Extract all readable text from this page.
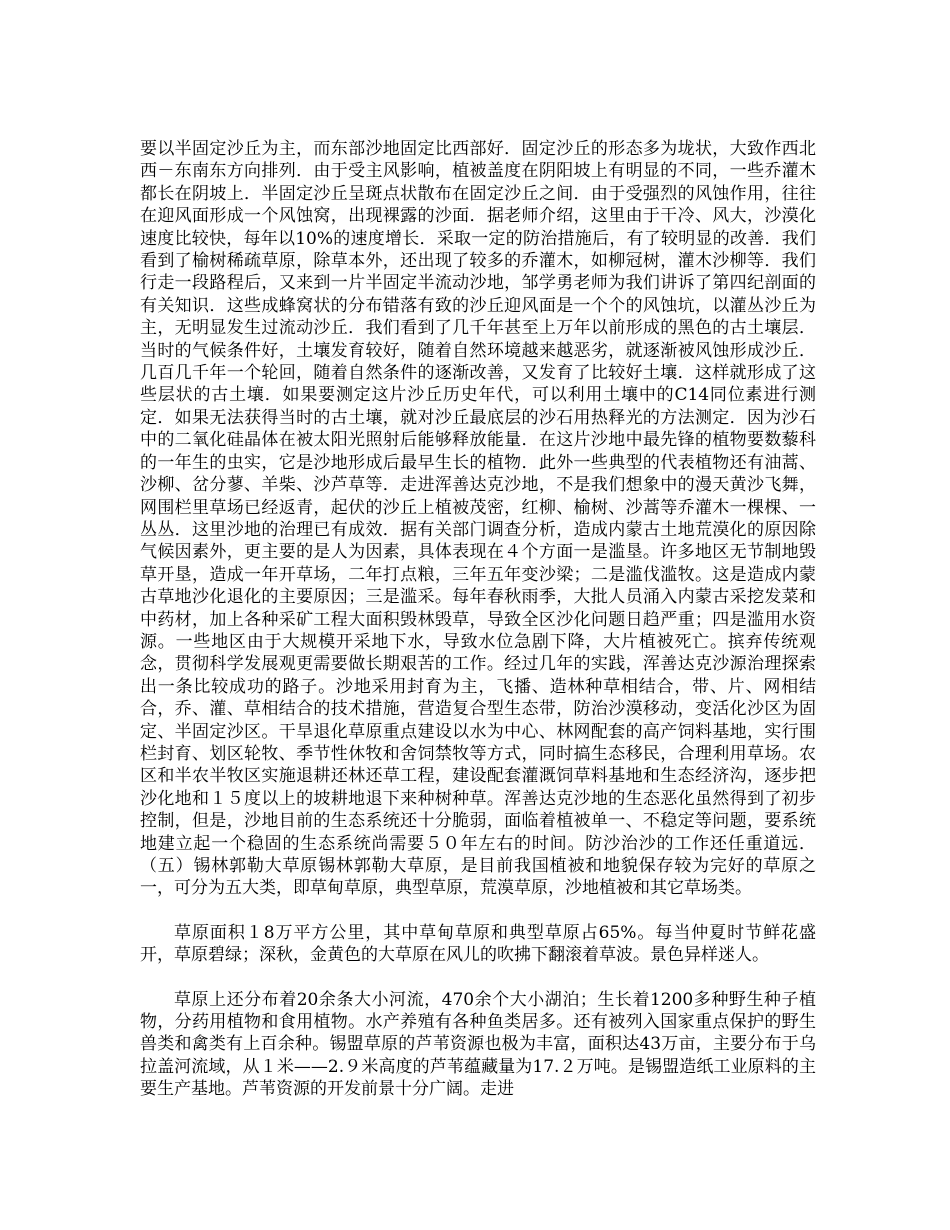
要以半固定沙丘为主，而东部沙地固定比西部好．固定沙丘的形态多为垅状，大致作西北西－东南东方向排列．由于受主风影响，植被盖度在阴阳坡上有明显的不同，一些乔灌木都长在阴坡上．半固定沙丘呈斑点状散布在固定沙丘之间．由于受强烈的风蚀作用，往往在迎风面形成一个风蚀窝，出现裸露的沙面．据老师介绍，这里由于干冷、风大，沙漠化速度比较快，每年以10%的速度增长．采取一定的防治措施后，有了较明显的改善．我们看到了榆树稀疏草原，除草本外，还出现了较多的乔灌木，如柳冠树，灌木沙柳等．我们行走一段路程后，又来到一片半固定半流动沙地，邹学勇老师为我们讲诉了第四纪剖面的有关知识．这些成蜂窝状的分布错落有致的沙丘迎风面是一个个的风蚀坑，以灌丛沙丘为主，无明显发生过流动沙丘．我们看到了几千年甚至上万年以前形成的黑色的古土壤层．当时的气候条件好，土壤发育较好，随着自然环境越来越恶劣，就逐渐被风蚀形成沙丘．几百几千年一个轮回，随着自然条件的逐渐改善，又发育了比较好土壤．这样就形成了这些层状的古土壤．如果要测定这片沙丘历史年代，可以利用土壤中的C14同位素进行测定．如果无法获得当时的古土壤，就对沙丘最底层的沙石用热释光的方法测定．因为沙石中的二氧化硅晶体在被太阳光照射后能够释放能量．在这片沙地中最先锋的植物要数藜科的一年生的虫实，它是沙地形成后最早生长的植物．此外一些典型的代表植物还有油蒿、沙柳、岔分蓼、羊柴、沙芦草等．走进浑善达克沙地，不是我们想象中的漫天黄沙飞舞，网围栏里草场已经返青，起伏的沙丘上植被茂密，红柳、榆树、沙蒿等乔灌木一棵棵、一丛丛．这里沙地的治理已有成效．据有关部门调查分析，造成内蒙古土地荒漠化的原因除气候因素外，更主要的是人为因素，具体表现在４个方面一是滥垦。许多地区无节制地毁草开垦，造成一年开草场，二年打点粮，三年五年变沙梁；二是滥伐滥牧。这是造成内蒙古草地沙化退化的主要原因；三是滥采。每年春秋雨季，大批人员涌入内蒙古采挖发菜和中药材，加上各种采矿工程大面积毁林毁草，导致全区沙化问题日趋严重；四是滥用水资源。一些地区由于大规模开采地下水，导致水位急剧下降，大片植被死亡。摈弃传统观念，贯彻科学发展观更需要做长期艰苦的工作。经过几年的实践，浑善达克沙源治理探索出一条比较成功的路子。沙地采用封育为主，飞播、造林种草相结合，带、片、网相结合，乔、灌、草相结合的技术措施，营造复合型生态带，防治沙漠移动，变活化沙区为固定、半固定沙区。干旱退化草原重点建设以水为中心、林网配套的高产饲料基地，实行围栏封育、划区轮牧、季节性休牧和舍饲禁牧等方式，同时搞生态移民，合理利用草场。农区和半农半牧区实施退耕还林还草工程，建设配套灌溉饲草料基地和生态经济沟，逐步把沙化地和１５度以上的坡耕地退下来种树种草。浑善达克沙地的生态恶化虽然得到了初步控制，但是，沙地目前的生态系统还十分脆弱，面临着植被单一、不稳定等问题，要系统地建立起一个稳固的生态系统尚需要５０年左右的时间。防沙治沙的工作还任重道远．（五）锡林郭勒大草原锡林郭勒大草原，是目前我国植被和地貌保存较为完好的草原之一，可分为五大类，即草甸草原，典型草原，荒漠草原，沙地植被和其它草场类。

草原面积１8万平方公里，其中草甸草原和典型草原占65%。每当仲夏时节鲜花盛开，草原碧绿；深秋，金黄色的大草原在风儿的吹拂下翻滚着草波。景色异样迷人。

草原上还分布着20余条大小河流，470余个大小湖泊；生长着1200多种野生种子植物，分药用植物和食用植物。水产养殖有各种鱼类居多。还有被列入国家重点保护的野生兽类和禽类有上百余种。锡盟草原的芦苇资源也极为丰富，面积达43万亩，主要分布于乌拉盖河流域，从１米——2.９米高度的芦苇蕴藏量为17.２万吨。是锡盟造纸工业原料的主要生产基地。芦苇资源的开发前景十分广阔。走进
